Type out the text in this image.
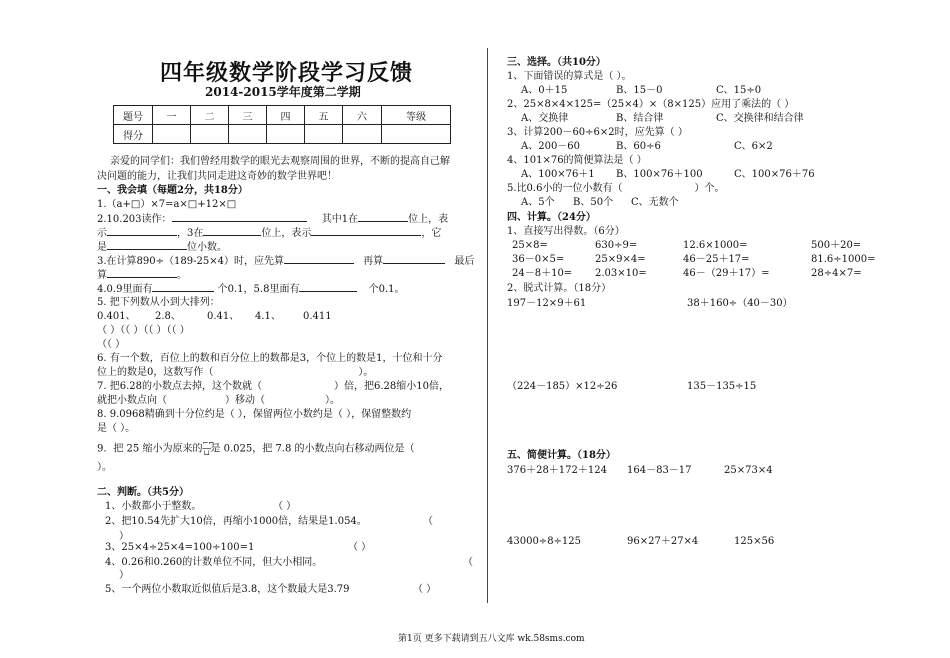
四年级数学阶段学习反馈
2014-2015学年度第二学期
题号	一	二	三	四	五	六	等级
得分							
亲爱的同学们：我们曾经用数学的眼光去观察周围的世界，不断的提高自己解
决问题的能力，让我们共同走进这奇妙的数学世界吧！
一、我会填（每题2分，共18分）
1.（a+□）×7=a×□+12×□
2.10.203读作：	其中1在	位上，表
示	，3在	位上，表示	，它
是	位小数。
3.在计算890÷（189-25×4）时，应先算	再算	最后
算	。
4.0.9里面有	个0.1，5.8里面有	个0.1。
5. 把下列数从小到大排列：
0.401、 2.8、	0.41、 4.1、 0.411
（ ）（（ ）（（ ）（（ ）
（（ ）
6. 有一个数，百位上的数和百分位上的数都是3，个位上的数是1，十位和十分
位上的数是0，这数写作（	）。
7. 把6.28的小数点去掉，这个数就（	）倍，把6.28缩小10倍，
就把小数点向（	）移动（	）。
8. 9.0968精确到十分位约是（ ），保留两位小数约是（ ），保留整数约
是（ ）。
9．把 25 缩小为原来的⌐⌐
──
└┘是 0.025，把 7.8 的小数点向右移动两位是（
）。
二、判断。（共5分）
1、小数都小于整数。	（ ）
2、把10.54先扩大10倍，再缩小1000倍，结果是1.054。	（
）
3、25×4÷25×4=100÷100=1	（ ）
4、0.26和0.260的计数单位不同，但大小相同。	（
）
5、一个两位小数取近似值后是3.8，这个数最大是3.79	（ ）
三、选择。（共10分）
1、下面错误的算式是（ ）。
A、0＋15	B、15－0	C、15÷0
2、25×8×4×125=（25×4）×（8×125）应用了乘法的（ ）
A、交换律	B、结合律	C、交换律和结合律
3、计算200－60÷6×2时，应先算（ ）
A、200－60	B、60÷6	C、6×2
4、101×76的简便算法是（ ）
A、100×76＋1 B、100×76＋100	C、100×76＋76
5.比0.6小的一位小数有（	）个。
A、5个 B、50个 C、无数个
四、计算。（24分）
1、直接写出得数。（6分）
25×8=	630÷9=	12.6×1000=	500＋20=
36－0×5=	25×9×4=	46－25＋17=	81.6÷1000=
24－8＋10= 2.03×10=	46－（29＋17）=	28÷4×7=
2、脱式计算。（18分）
197－12×9＋61	38＋160÷（40－30）
（224－185）×12÷26	135－135÷15
五、简便计算。（18分）
376＋28＋172＋124 164－83－17	25×73×4
43000÷8÷125	96×27＋27×4	125×56
第1页 更多下载请到五八文库 wk.58sms.com
